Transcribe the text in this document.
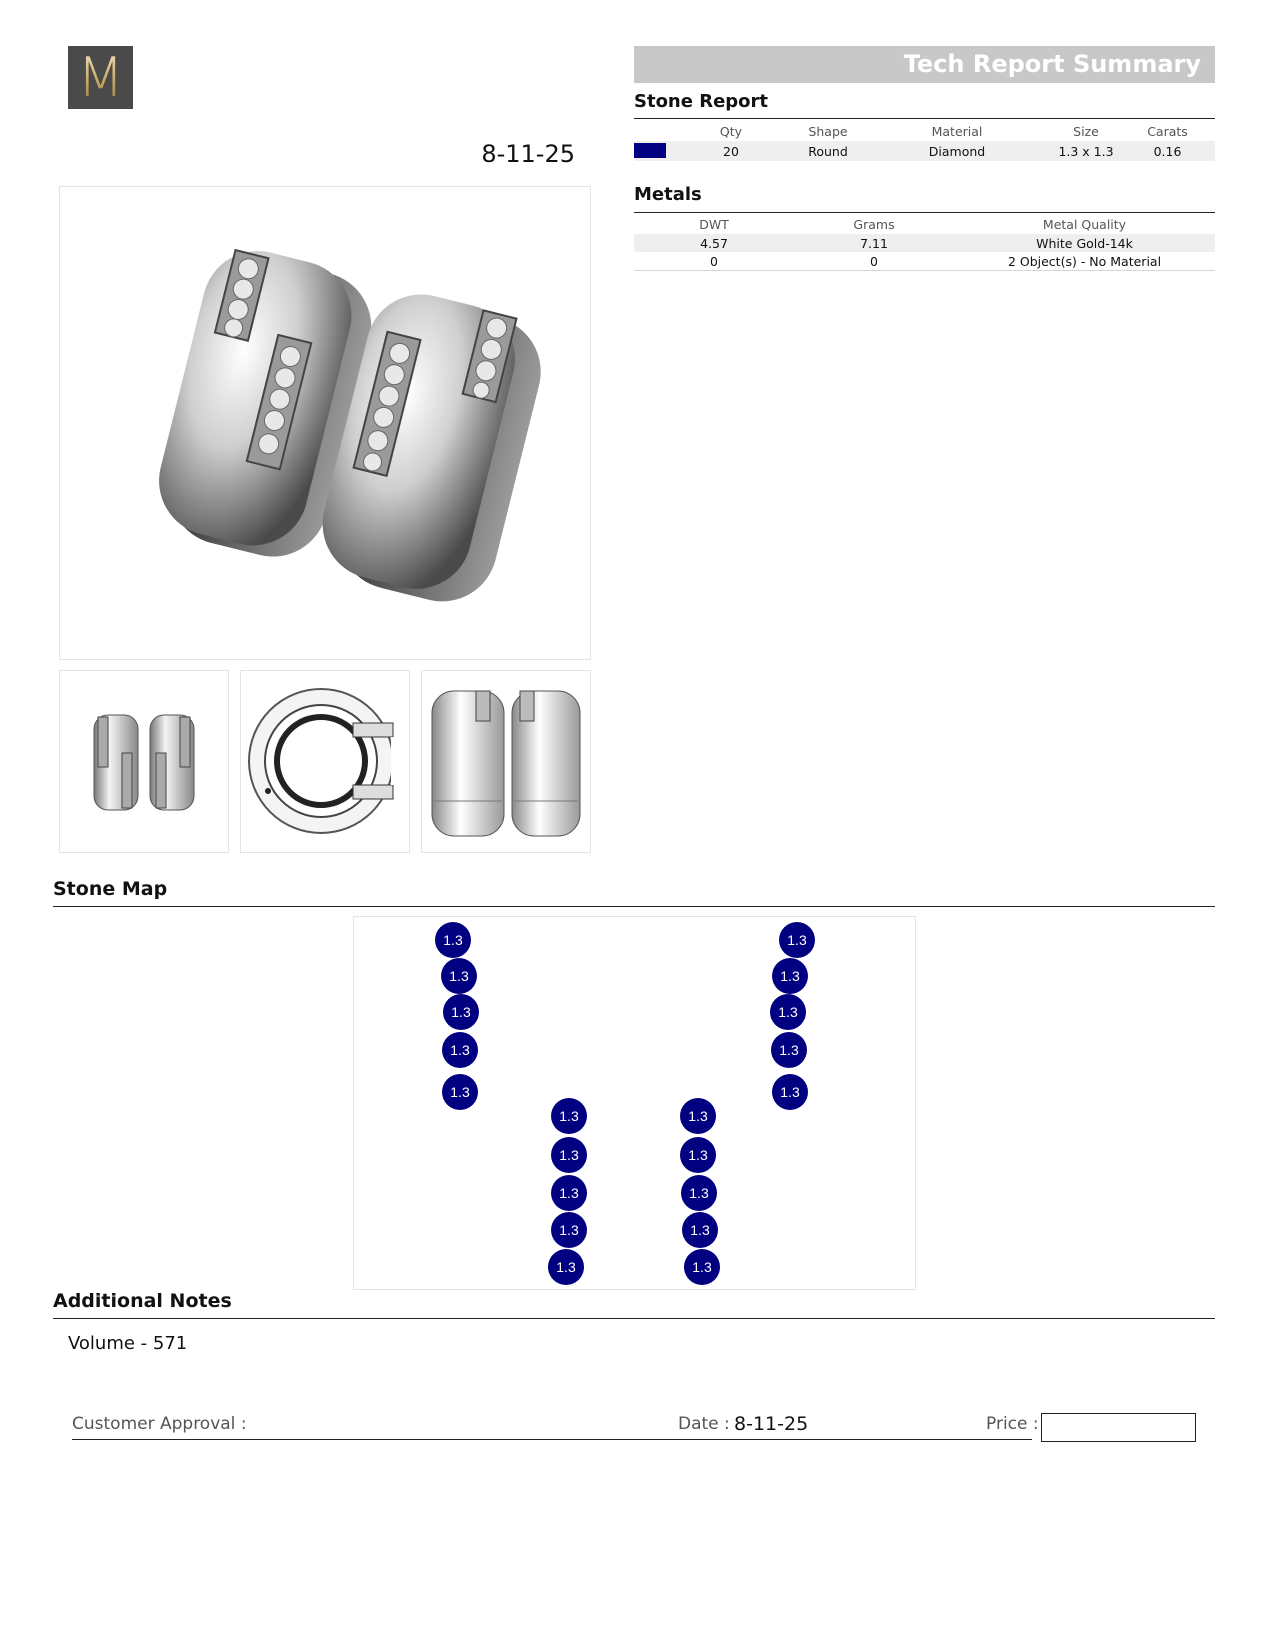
M
8-11-25
Tech Report Summary
Stone Report
	Qty	Shape	Material	Size	Carats
	20	Round	Diamond	1.3 x 1.3	0.16
Metals
DWT	Grams	Metal Quality
4.57	7.11	White Gold-14k
0	0	2 Object(s) - No Material
Stone Map
1.3
1.3
1.3
1.3
1.3
1.3
1.3
1.3
1.3
1.3
1.3
1.3
1.3
1.3
1.3
1.3
1.3
1.3
1.3
1.3
Additional Notes
Volume - 571
Customer Approval :	Date : 8-11-25	Price :
